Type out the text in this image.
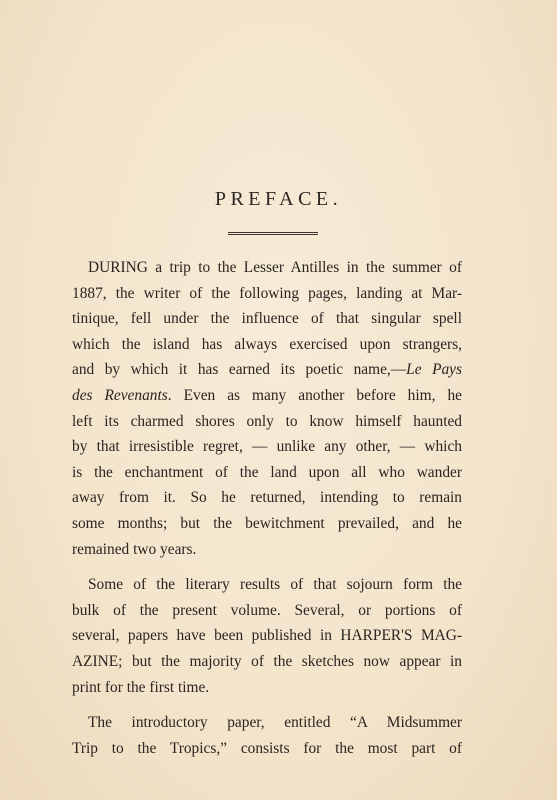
PREFACE.

DURING a trip to the Lesser Antilles in the summer of
1887, the writer of the following pages, landing at Mar-
tinique, fell under the influence of that singular spell
which the island has always exercised upon strangers,
and by which it has earned its poetic name,—Le Pays
des Revenants. Even as many another before him, he
left its charmed shores only to know himself haunted
by that irresistible regret, — unlike any other, — which
is the enchantment of the land upon all who wander
away from it. So he returned, intending to remain
some months; but the bewitchment prevailed, and he
remained two years.

Some of the literary results of that sojourn form the
bulk of the present volume. Several, or portions of
several, papers have been published in HARPER'S MAG-
AZINE; but the majority of the sketches now appear in
print for the first time.

The introductory paper, entitled “A Midsummer
Trip to the Tropics,” consists for the most part of
